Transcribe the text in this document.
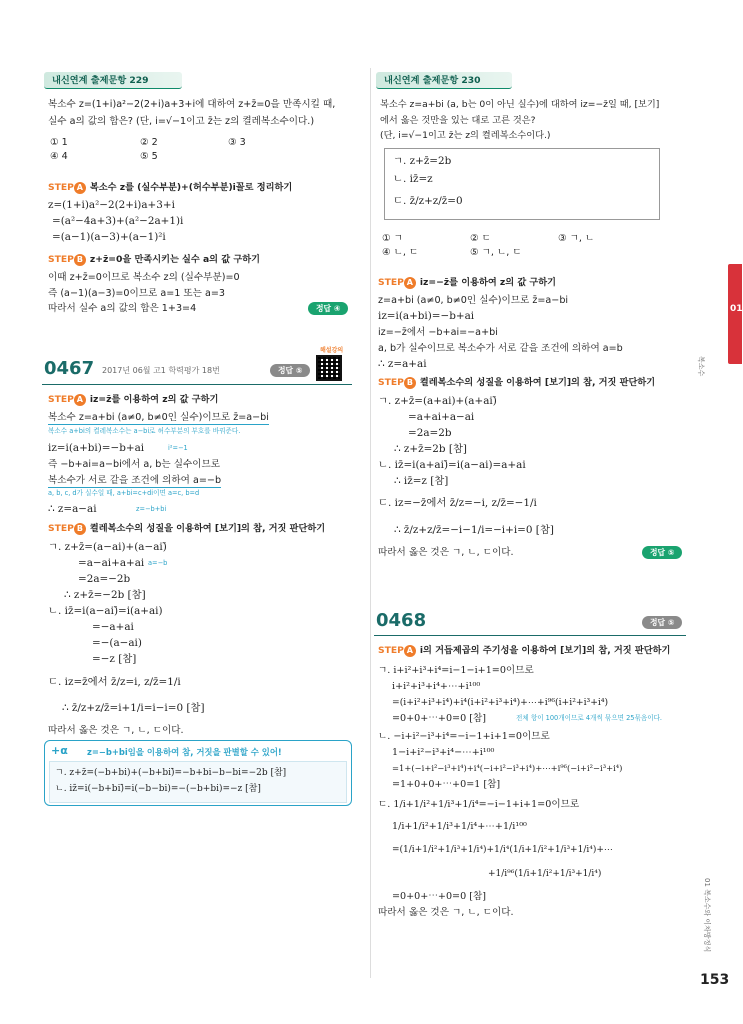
내신연계 출제문항 229
복소수 z=(1+i)a²−2(2+i)a+3+i에 대하여 z+z̄=0을 만족시킬 때,
실수 a의 값의 합은? (단, i=√−1이고 z̄는 z의 켤레복소수이다.)
① 1	② 2	③ 3
④ 4	⑤ 5
STEP A 복소수 z를 (실수부분)+(허수부분)i꼴로 정리하기
z=(1+i)a²−2(2+i)a+3+i
=(a²−4a+3)+(a²−2a+1)i
=(a−1)(a−3)+(a−1)²i
STEP B z+z̄=0을 만족시키는 실수 a의 값 구하기
이때 z+z̄=0이므로 복소수 z의 (실수부분)=0
즉 (a−1)(a−3)=0이므로 a=1 또는 a=3
따라서 실수 a의 값의 합은 1+3=4	정답 ④
0467 2017년 06월 고1 학력평가 18번	정답 ⑤
해설강의
STEP A iz=z̄를 이용하여 z의 값 구하기
복소수 z=a+bi (a≠0, b≠0인 실수)이므로 z̄=a−bi
복소수 a+bi의 켤레복소수는 a−bi로 허수부분의 부호를 바꿔준다.
iz=i(a+bi)=−b+ai	i²=−1
즉 −b+ai=a−bi에서 a, b는 실수이므로
복소수가 서로 같을 조건에 의하여 a=−b
a, b, c, d가 실수일 때, a+bi=c+di이면 a=c, b=d
∴ z=a−ai	z=−b+bi
STEP B 켤레복소수의 성질을 이용하여 [보기]의 참, 거짓 판단하기
ㄱ. z+z̄=(a−ai)+(a−ai)̄
=a−ai+a+ai a=−b
=2a=−2b
∴ z+z̄=−2b [참]
ㄴ. iz̄=i(a−ai)̄=i(a+ai)
=−a+ai
=−(a−ai)
=−z [참]
ㄷ. iz=z̄에서 z̄/z=i, z/z̄=1/i
∴ z̄/z+z/z̄=i+1/i=i−i=0 [참]
따라서 옳은 것은 ㄱ, ㄴ, ㄷ이다.
+α z=−b+bi임을 이용하여 참, 거짓을 판별할 수 있어!
ㄱ. z+z̄=(−b+bi)+(−b+bi)̄=−b+bi−b−bi=−2b [참]
ㄴ. iz̄=i(−b+bi)̄=i(−b−bi)=−(−b+bi)=−z [참]
내신연계 출제문항 230
복소수 z=a+bi (a, b는 0이 아닌 실수)에 대하여 iz=−z̄일 때, [보기]
에서 옳은 것만을 있는 대로 고른 것은?
(단, i=√−1이고 z̄는 z의 켤레복소수이다.)
ㄱ. z+z̄=2b
ㄴ. iz̄=z
ㄷ. z̄/z+z/z̄=0
① ㄱ	② ㄷ	③ ㄱ, ㄴ
④ ㄴ, ㄷ	⑤ ㄱ, ㄴ, ㄷ
STEP A iz=−z̄를 이용하여 z의 값 구하기
z=a+bi (a≠0, b≠0인 실수)이므로 z̄=a−bi
iz=i(a+bi)=−b+ai
iz=−z̄에서 −b+ai=−a+bi
a, b가 실수이므로 복소수가 서로 같을 조건에 의하여 a=b
∴ z=a+ai
STEP B 켤레복소수의 성질을 이용하여 [보기]의 참, 거짓 판단하기
ㄱ. z+z̄=(a+ai)+(a+ai)̄
=a+ai+a−ai
=2a=2b
∴ z+z̄=2b [참]
ㄴ. iz̄=i(a+ai)̄=i(a−ai)=a+ai
∴ iz̄=z [참]
ㄷ. iz=−z̄에서 z̄/z=−i, z/z̄=−1/i
∴ z̄/z+z/z̄=−i−1/i=−i+i=0 [참]
따라서 옳은 것은 ㄱ, ㄴ, ㄷ이다.	정답 ⑤
0468	정답 ⑤
STEP A i의 거듭제곱의 주기성을 이용하여 [보기]의 참, 거짓 판단하기
ㄱ. i+i²+i³+i⁴=i−1−i+1=0이므로
i+i²+i³+i⁴+⋯+i¹⁰⁰
=(i+i²+i³+i⁴)+i⁴(i+i²+i³+i⁴)+⋯+i⁹⁶(i+i²+i³+i⁴)
=0+0+⋯+0=0 [참]	전체 항이 100개이므로 4개씩 묶으면 25묶음이다.
ㄴ. −i+i²−i³+i⁴=−i−1+i+1=0이므로
1−i+i²−i³+i⁴−⋯+i¹⁰⁰
=1+(−i+i²−i³+i⁴)+i⁴(−i+i²−i³+i⁴)+⋯+i⁹⁶(−i+i²−i³+i⁴)
=1+0+0+⋯+0=1 [참]
ㄷ. 1/i+1/i²+1/i³+1/i⁴=−i−1+i+1=0이므로
1/i+1/i²+1/i³+1/i⁴+⋯+1/i¹⁰⁰
=(1/i+1/i²+1/i³+1/i⁴)+1/i⁴(1/i+1/i²+1/i³+1/i⁴)+⋯
+1/i⁹⁶(1/i+1/i²+1/i³+1/i⁴)
=0+0+⋯+0=0 [참]
따라서 옳은 것은 ㄱ, ㄴ, ㄷ이다.
01
복소수
01 복소수와 이차방정식
153
